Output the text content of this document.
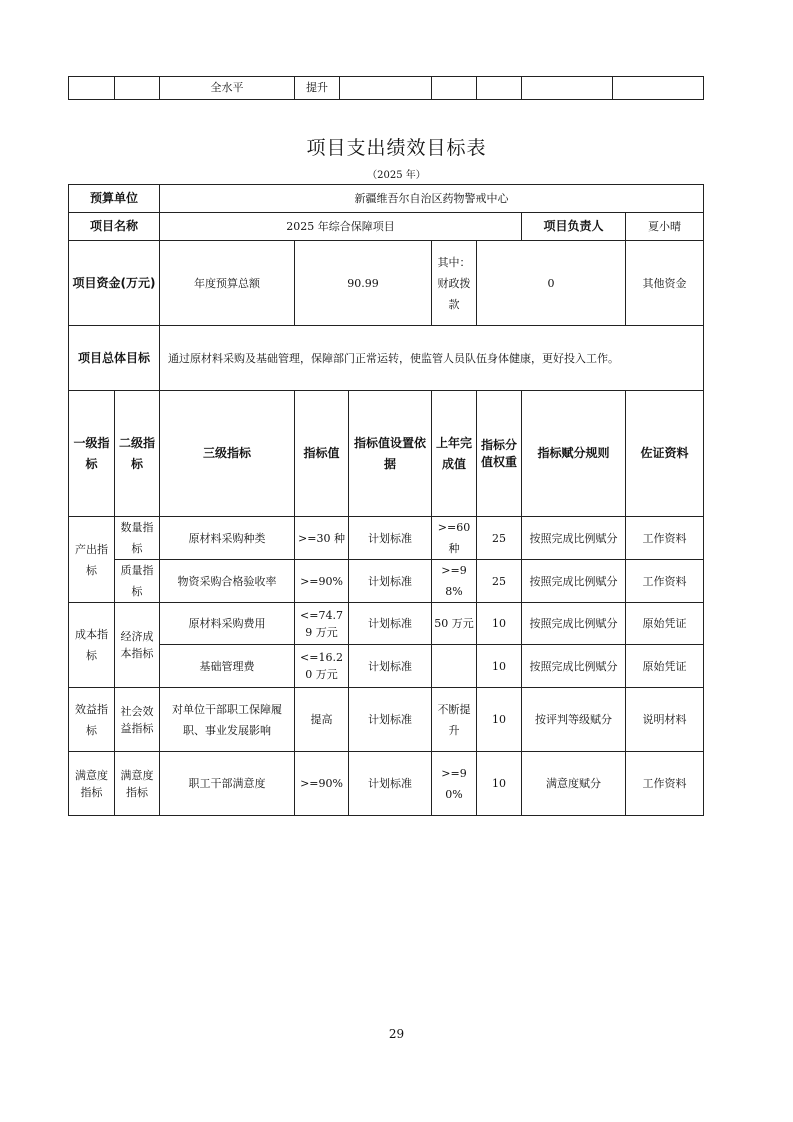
		全水平	提升					
项目支出绩效目标表
（2025 年）
预算单位		新疆维吾尔自治区药物警戒中心							
项目名称		2025 年综合保障项目					项目负责人	夏小晴	
项目资金(万元)		年度预算总额	90.99		其中：财政拨款	0		其他资金	
项目总体目标		通过原材料采购及基础管理，保障部门正常运转，使监管人员队伍身体健康，更好投入工作。							
一级指标	二级指标	三级指标	指标值	指标值设置依据	上年完成值	指标分值权重	指标赋分规则	佐证资料	
产出指标	数量指标	原材料采购种类	>=30 种	计划标准	>=60 种	25	按照完成比例赋分	工作资料	
	质量指标	物资采购合格验收率	>=90%	计划标准	>=98%	25	按照完成比例赋分	工作资料	
成本指标	经济成本指标	原材料采购费用	<=74.79 万元	计划标准	50 万元	10	按照完成比例赋分	原始凭证	
		基础管理费	<=16.20 万元	计划标准		10	按照完成比例赋分	原始凭证	
效益指标	社会效益指标	对单位干部职工保障履职、事业发展影响	提高	计划标准	不断提升	10	按评判等级赋分	说明材料	
满意度指标	满意度指标	职工干部满意度	>=90%	计划标准	>=90%	10	满意度赋分	工作资料	
29
